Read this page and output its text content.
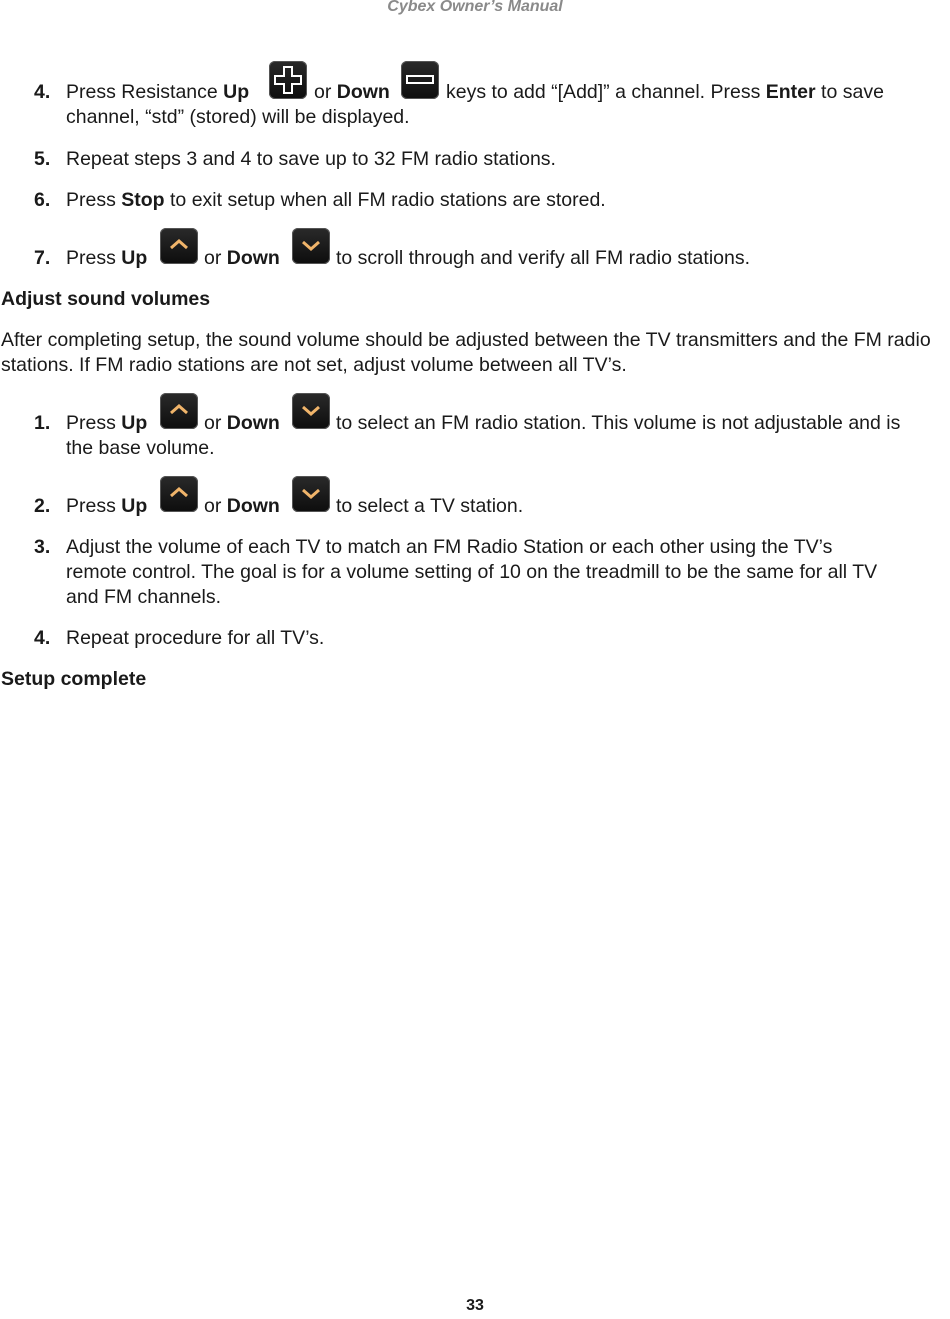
Cybex Owner’s Manual
4. Press Resistance Up	or Down	keys to add “[Add]” a channel. Press Enter to save
channel, “std” (stored) will be displayed.
5. Repeat steps 3 and 4 to save up to 32 FM radio stations.
6. Press Stop to exit setup when all FM radio stations are stored.
7. Press Up	or Down	to scroll through and verify all FM radio stations.
Adjust sound volumes
After completing setup, the sound volume should be adjusted between the TV transmitters and the FM radio stations. If FM radio stations are not set, adjust volume between all TV’s.
1. Press Up	or Down	to select an FM radio station. This volume is not adjustable and is
the base volume.
2. Press Up	or Down	to select a TV station.
3. Adjust the volume of each TV to match an FM Radio Station or each other using the TV’s
remote control. The goal is for a volume setting of 10 on the treadmill to be the same for all TV
and FM channels.
4. Repeat procedure for all TV’s.
Setup complete
33
